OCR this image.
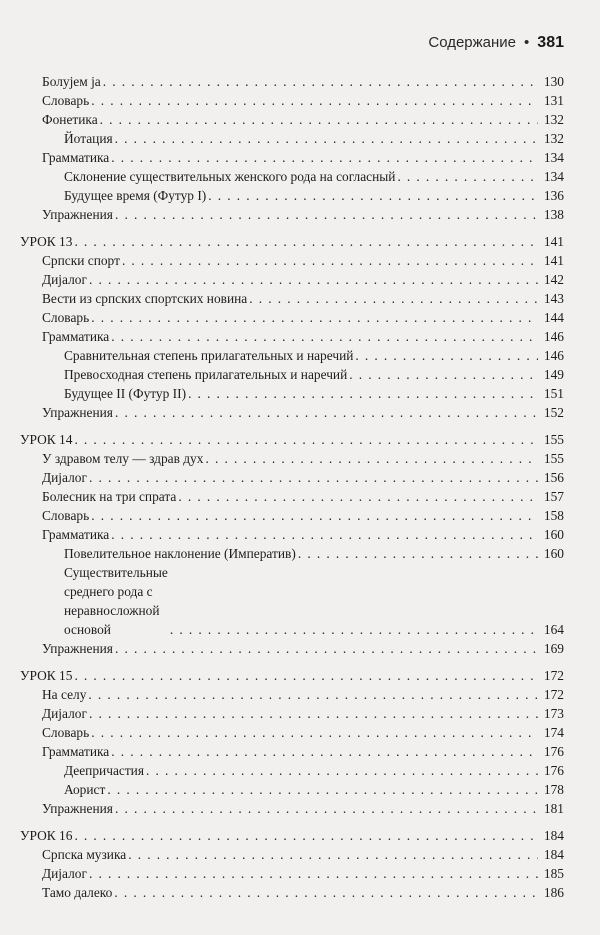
Содержание • 381
Болујем ја . . .	130
Словарь . . .	131
Фонетика . . .	132
Йотация . . .	132
Грамматика . . .	134
Склонение существительных женского рода на согласный . . .	134
Будущее время (Футур I) . . .	136
Упражнения . . .	138
УРОК 13 . . .	141
Српски спорт . . .	141
Дијалог . . .	142
Вести из српских спортских новина . . .	143
Словарь . . .	144
Грамматика . . .	146
Сравнительная степень прилагательных и наречий . . .	146
Превосходная степень прилагательных и наречий . . .	149
Будущее II (Футур II) . . .	151
Упражнения . . .	152
УРОК 14 . . .	155
У здравом телу — здрав дух . . .	155
Дијалог . . .	156
Болесник на три спрата . . .	157
Словарь . . .	158
Грамматика . . .	160
Повелительное наклонение (Императив) . . .	160
Существительные среднего рода с неравносложной основой . . .	164
Упражнения . . .	169
УРОК 15 . . .	172
На селу . . .	172
Дијалог . . .	173
Словарь . . .	174
Грамматика . . .	176
Деепричастия . . .	176
Аорист . . .	178
Упражнения . . .	181
УРОК 16 . . .	184
Српска музика . . .	184
Дијалог . . .	185
Тамо далеко . . .	186
